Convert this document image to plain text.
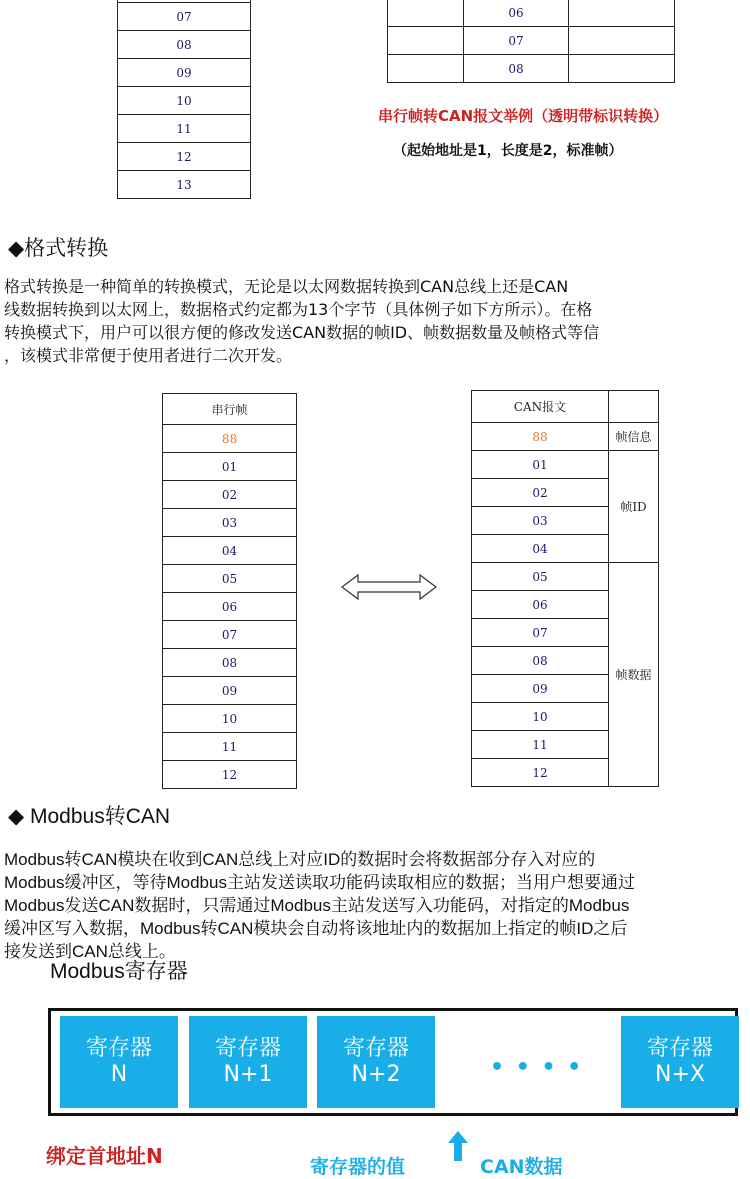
07
08
09
10
11
12
13
	06	
	07	
	08	
串行帧转CAN报文举例（透明带标识转换）
（起始地址是1，长度是2，标准帧）
◆格式转换
格式转换是一种简单的转换模式，无论是以太网数据转换到CAN总线上还是CAN
线数据转换到以太网上，数据格式约定都为13个字节（具体例子如下方所示）。在格
转换模式下，用户可以很方便的修改发送CAN数据的帧ID、帧数据数量及帧格式等信
，该模式非常便于使用者进行二次开发。
串行帧
88
01
02
03
04
05
06
07
08
09
10
11
12
CAN报文	
88	帧信息
01	帧ID
02	
03	
04	
05	帧数据
06	
07	
08	
09	
10	
11	
12	
◆ Modbus转CAN
Modbus转CAN模块在收到CAN总线上对应ID的数据时会将数据部分存入对应的
Modbus缓冲区，等待Modbus主站发送读取功能码读取相应的数据；当用户想要通过
Modbus发送CAN数据时，只需通过Modbus主站发送写入功能码，对指定的Modbus
缓冲区写入数据，Modbus转CAN模块会自动将该地址内的数据加上指定的帧ID之后
接发送到CAN总线上。
Modbus寄存器
寄存器
N
寄存器
N+1
寄存器
N+2	• • • •
寄存器
N+X
绑定首地址N	寄存器的值	CAN数据
